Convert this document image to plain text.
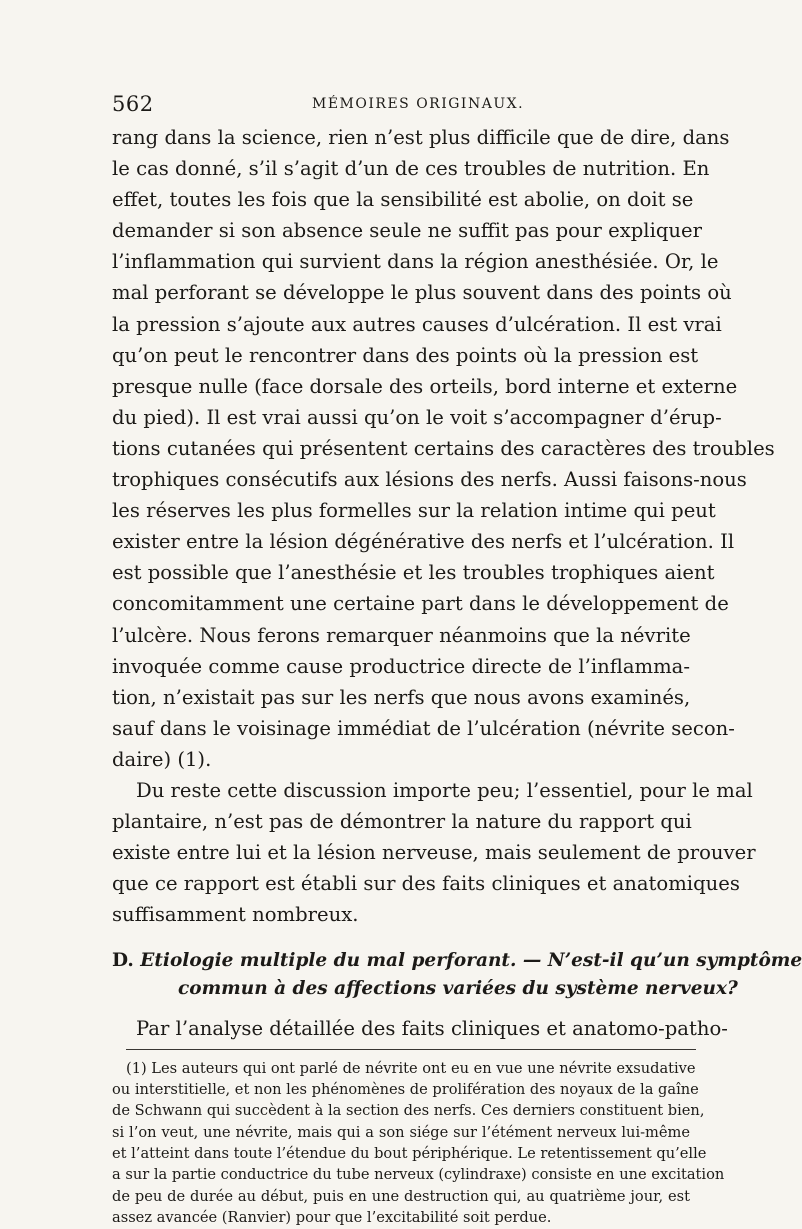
562	MÉMOIRES ORIGINAUX.
rang dans la science, rien n’est plus difficile que de dire, dans
le cas donné, s’il s’agit d’un de ces troubles de nutrition. En
effet, toutes les fois que la sensibilité est abolie, on doit se
demander si son absence seule ne suffit pas pour expliquer
l’inflammation qui survient dans la région anesthésiée. Or, le
mal perforant se développe le plus souvent dans des points où
la pression s’ajoute aux autres causes d’ulcération. Il est vrai
qu’on peut le rencontrer dans des points où la pression est
presque nulle (face dorsale des orteils, bord interne et externe
du pied). Il est vrai aussi qu’on le voit s’accompagner d’érup-
tions cutanées qui présentent certains des caractères des troubles
trophiques consécutifs aux lésions des nerfs. Aussi faisons-nous
les réserves les plus formelles sur la relation intime qui peut
exister entre la lésion dégénérative des nerfs et l’ulcération. Il
est possible que l’anesthésie et les troubles trophiques aient
concomitamment une certaine part dans le développement de
l’ulcère. Nous ferons remarquer néanmoins que la névrite
invoquée comme cause productrice directe de l’inflamma-
tion, n’existait pas sur les nerfs que nous avons examinés,
sauf dans le voisinage immédiat de l’ulcération (névrite secon-
daire) (1).
Du reste cette discussion importe peu; l’essentiel, pour le mal
plantaire, n’est pas de démontrer la nature du rapport qui
existe entre lui et la lésion nerveuse, mais seulement de prouver
que ce rapport est établi sur des faits cliniques et anatomiques
suffisamment nombreux.
D. Etiologie multiple du mal perforant. — N’est-il qu’un symptôme
commun à des affections variées du système nerveux?
Par l’analyse détaillée des faits cliniques et anatomo-patho-
(1) Les auteurs qui ont parlé de névrite ont eu en vue une névrite exsudative
ou interstitielle, et non les phénomènes de prolifération des noyaux de la gaîne
de Schwann qui succèdent à la section des nerfs. Ces derniers constituent bien,
si l’on veut, une névrite, mais qui a son siége sur l’étément nerveux lui-même
et l’atteint dans toute l’étendue du bout périphérique. Le retentissement qu’elle
a sur la partie conductrice du tube nerveux (cylindraxe) consiste en une excitation
de peu de durée au début, puis en une destruction qui, au quatrième jour, est
assez avancée (Ranvier) pour que l’excitabilité soit perdue.
